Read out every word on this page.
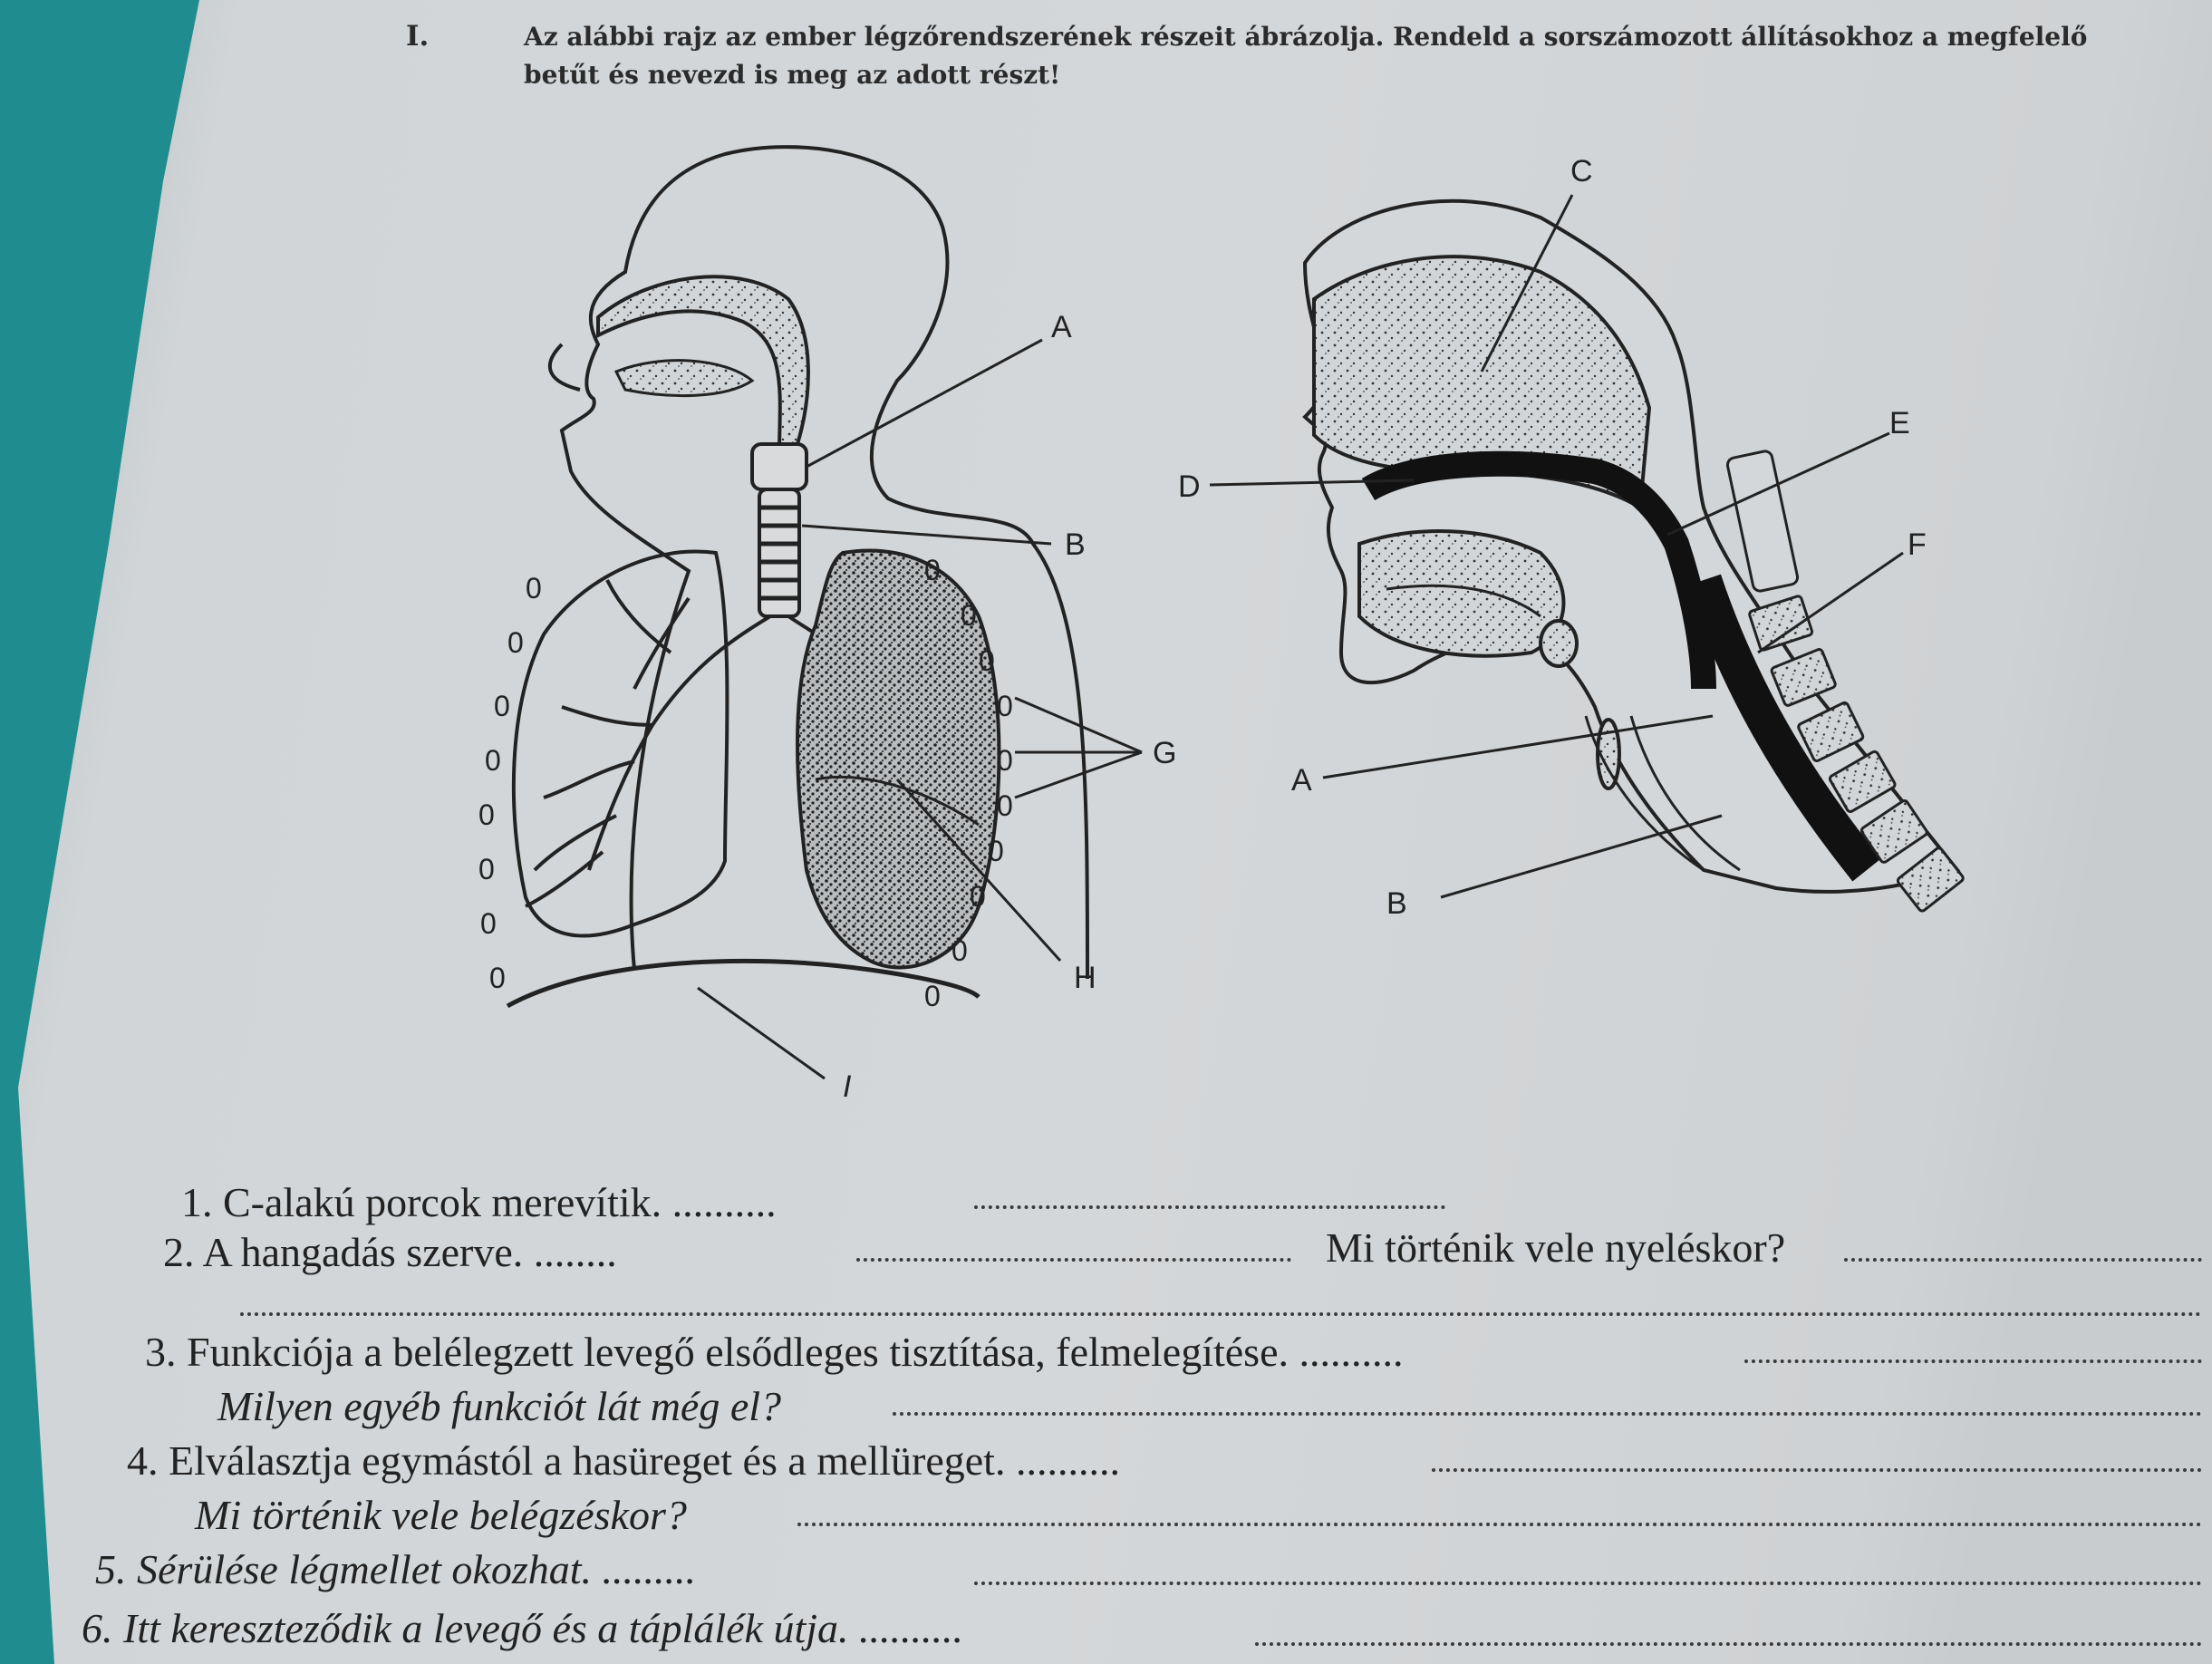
I.	Az alábbi rajz az ember légzőrendszerének részeit ábrázolja. Rendeld a sorszámozott állításokhoz a megfelelő betűt és nevezd is meg az adott részt!
0
0
0
0
0
0
0
0
0
0
0
0
0
0
0
0
0
0
A
B
G
H
I
C
D
E
F
A
B
1. C-alakú porcok merevítik. ..........
2. A hangadás szerve. ........	Mi történik vele nyeléskor?
3. Funkciója a belélegzett levegő elsődleges tisztítása, felmelegítése. ..........
Milyen egyéb funkciót lát még el?
4. Elválasztja egymástól a hasüreget és a mellüreget. ..........
Mi történik vele belégzéskor?
5. Sérülése légmellet okozhat. .........
6. Itt kereszteződik a levegő és a táplálék útja. ..........
